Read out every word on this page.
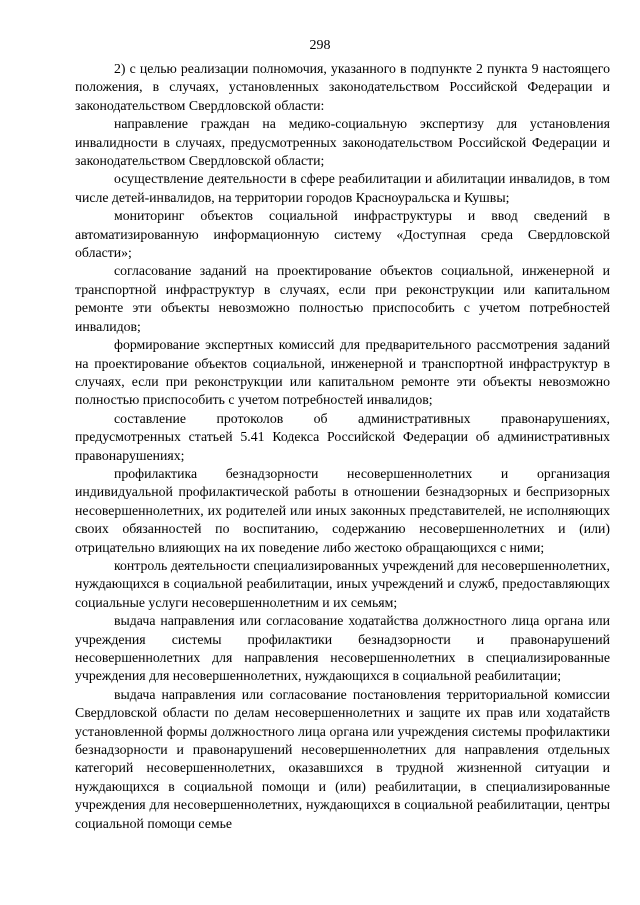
298

2) с целью реализации полномочия, указанного в подпункте 2 пункта 9 настоящего положения, в случаях, установленных законодательством Российской Федерации и законодательством Свердловской области:

направление граждан на медико-социальную экспертизу для установления инвалидности в случаях, предусмотренных законодательством Российской Федерации и законодательством Свердловской области;

осуществление деятельности в сфере реабилитации и абилитации инвалидов, в том числе детей-инвалидов, на территории городов Красноуральска и Кушвы;

мониторинг объектов социальной инфраструктуры и ввод сведений в автоматизированную информационную систему «Доступная среда Свердловской области»;

согласование заданий на проектирование объектов социальной, инженерной и транспортной инфраструктур в случаях, если при реконструкции или капитальном ремонте эти объекты невозможно полностью приспособить с учетом потребностей инвалидов;

формирование экспертных комиссий для предварительного рассмотрения заданий на проектирование объектов социальной, инженерной и транспортной инфраструктур в случаях, если при реконструкции или капитальном ремонте эти объекты невозможно полностью приспособить с учетом потребностей инвалидов;

составление протоколов об административных правонарушениях, предусмотренных статьей 5.41 Кодекса Российской Федерации об административных правонарушениях;

профилактика безнадзорности несовершеннолетних и организация индивидуальной профилактической работы в отношении безнадзорных и беспризорных несовершеннолетних, их родителей или иных законных представителей, не исполняющих своих обязанностей по воспитанию, содержанию несовершеннолетних и (или) отрицательно влияющих на их поведение либо жестоко обращающихся с ними;

контроль деятельности специализированных учреждений для несовершеннолетних, нуждающихся в социальной реабилитации, иных учреждений и служб, предоставляющих социальные услуги несовершеннолетним и их семьям;

выдача направления или согласование ходатайства должностного лица органа или учреждения системы профилактики безнадзорности и правонарушений несовершеннолетних для направления несовершеннолетних в специализированные учреждения для несовершеннолетних, нуждающихся в социальной реабилитации;

выдача направления или согласование постановления территориальной комиссии Свердловской области по делам несовершеннолетних и защите их прав или ходатайств установленной формы должностного лица органа или учреждения системы профилактики безнадзорности и правонарушений несовершеннолетних для направления отдельных категорий несовершеннолетних, оказавшихся в трудной жизненной ситуации и нуждающихся в социальной помощи и (или) реабилитации, в специализированные учреждения для несовершеннолетних, нуждающихся в социальной реабилитации, центры социальной помощи семье
